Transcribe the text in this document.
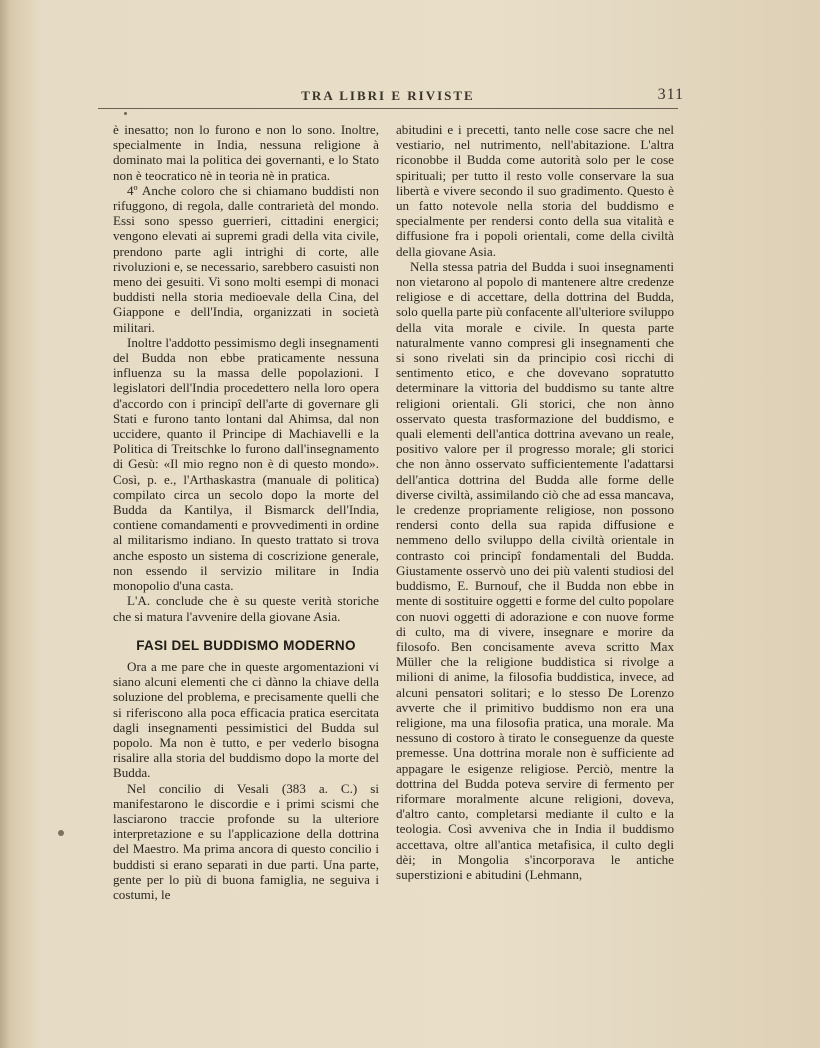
TRA LIBRI E RIVISTE	311

è inesatto; non lo furono e non lo sono. Inoltre, specialmente in India, nessuna religione à dominato mai la politica dei governanti, e lo Stato non è teocratico nè in teoria nè in pratica.

4º Anche coloro che si chiamano buddisti non rifuggono, di regola, dalle contrarietà del mondo. Essi sono spesso guerrieri, cittadini energici; vengono elevati ai supremi gradi della vita civile, prendono parte agli intrighi di corte, alle rivoluzioni e, se necessario, sarebbero casuisti non meno dei gesuiti. Vi sono molti esempi di monaci buddisti nella storia medioevale della Cina, del Giappone e dell'India, organizzati in società militari.

Inoltre l'addotto pessimismo degli insegnamenti del Budda non ebbe praticamente nessuna influenza su la massa delle popolazioni. I legislatori dell'India procedettero nella loro opera d'accordo con i principî dell'arte di governare gli Stati e furono tanto lontani dal Ahimsa, dal non uccidere, quanto il Principe di Machiavelli e la Politica di Treitschke lo furono dall'insegnamento di Gesù: «Il mio regno non è di questo mondo». Così, p. e., l'Arthaskastra (manuale di politica) compilato circa un secolo dopo la morte del Budda da Kantilya, il Bismarck dell'India, contiene comandamenti e provvedimenti in ordine al militarismo indiano. In questo trattato si trova anche esposto un sistema di coscrizione generale, non essendo il servizio militare in India monopolio d'una casta.

L'A. conclude che è su queste verità storiche che si matura l'avvenire della giovane Asia.

FASI DEL BUDDISMO MODERNO

Ora a me pare che in queste argomentazioni vi siano alcuni elementi che ci dànno la chiave della soluzione del problema, e precisamente quelli che si riferiscono alla poca efficacia pratica esercitata dagli insegnamenti pessimistici del Budda sul popolo. Ma non è tutto, e per vederlo bisogna risalire alla storia del buddismo dopo la morte del Budda.

Nel concilio di Vesali (383 a. C.) si manifestarono le discordie e i primi scismi che lasciarono traccie profonde su la ulteriore interpretazione e su l'applicazione della dottrina del Maestro. Ma prima ancora di questo concilio i buddisti si erano separati in due parti. Una parte, gente per lo più di buona famiglia, ne seguiva i costumi, le

abitudini e i precetti, tanto nelle cose sacre che nel vestiario, nel nutrimento, nell'abitazione. L'altra riconobbe il Budda come autorità solo per le cose spirituali; per tutto il resto volle conservare la sua libertà e vivere secondo il suo gradimento. Questo è un fatto notevole nella storia del buddismo e specialmente per rendersi conto della sua vitalità e diffusione fra i popoli orientali, come della civiltà della giovane Asia.

Nella stessa patria del Budda i suoi insegnamenti non vietarono al popolo di mantenere altre credenze religiose e di accettare, della dottrina del Budda, solo quella parte più confacente all'ulteriore sviluppo della vita morale e civile. In questa parte naturalmente vanno compresi gli insegnamenti che si sono rivelati sin da principio così ricchi di sentimento etico, e che dovevano sopratutto determinare la vittoria del buddismo su tante altre religioni orientali. Gli storici, che non ànno osservato questa trasformazione del buddismo, e quali elementi dell'antica dottrina avevano un reale, positivo valore per il progresso morale; gli storici che non ànno osservato sufficientemente l'adattarsi dell'antica dottrina del Budda alle forme delle diverse civiltà, assimilando ciò che ad essa mancava, le credenze propriamente religiose, non possono rendersi conto della sua rapida diffusione e nemmeno dello sviluppo della civiltà orientale in contrasto coi principî fondamentali del Budda. Giustamente osservò uno dei più valenti studiosi del buddismo, E. Burnouf, che il Budda non ebbe in mente di sostituire oggetti e forme del culto popolare con nuovi oggetti di adorazione e con nuove forme di culto, ma di vivere, insegnare e morire da filosofo. Ben concisamente aveva scritto Max Müller che la religione buddistica si rivolge a milioni di anime, la filosofia buddistica, invece, ad alcuni pensatori solitari; e lo stesso De Lorenzo avverte che il primitivo buddismo non era una religione, ma una filosofia pratica, una morale. Ma nessuno di costoro à tirato le conseguenze da queste premesse. Una dottrina morale non è sufficiente ad appagare le esigenze religiose. Perciò, mentre la dottrina del Budda poteva servire di fermento per riformare moralmente alcune religioni, doveva, d'altro canto, completarsi mediante il culto e la teologia. Così avveniva che in India il buddismo accettava, oltre all'antica metafisica, il culto degli dèi; in Mongolia s'incorporava le antiche superstizioni e abitudini (Lehmann,
